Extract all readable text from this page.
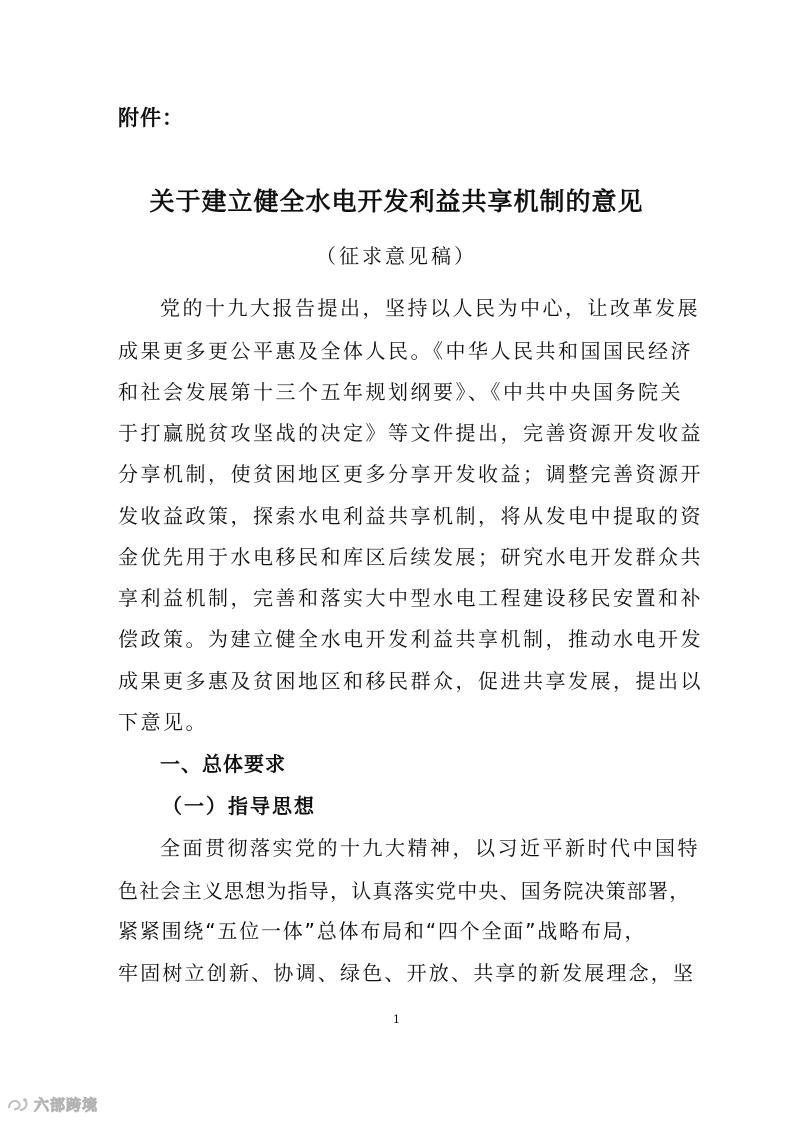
附件：
关于建立健全水电开发利益共享机制的意见
（征求意见稿）
党的十九大报告提出，坚持以人民为中心，让改革发展
成果更多更公平惠及全体人民。《中华人民共和国国民经济
和社会发展第十三个五年规划纲要》、《中共中央国务院关
于打赢脱贫攻坚战的决定》等文件提出，完善资源开发收益
分享机制，使贫困地区更多分享开发收益；调整完善资源开
发收益政策，探索水电利益共享机制，将从发电中提取的资
金优先用于水电移民和库区后续发展；研究水电开发群众共
享利益机制，完善和落实大中型水电工程建设移民安置和补
偿政策。为建立健全水电开发利益共享机制，推动水电开发
成果更多惠及贫困地区和移民群众，促进共享发展，提出以
下意见。
一、总体要求
（一）指导思想
全面贯彻落实党的十九大精神，以习近平新时代中国特
色社会主义思想为指导，认真落实党中央、国务院决策部署，
紧紧围绕“五位一体”总体布局和“四个全面”战略布局，
牢固树立创新、协调、绿色、开放、共享的新发展理念，坚
1
六部跨境
